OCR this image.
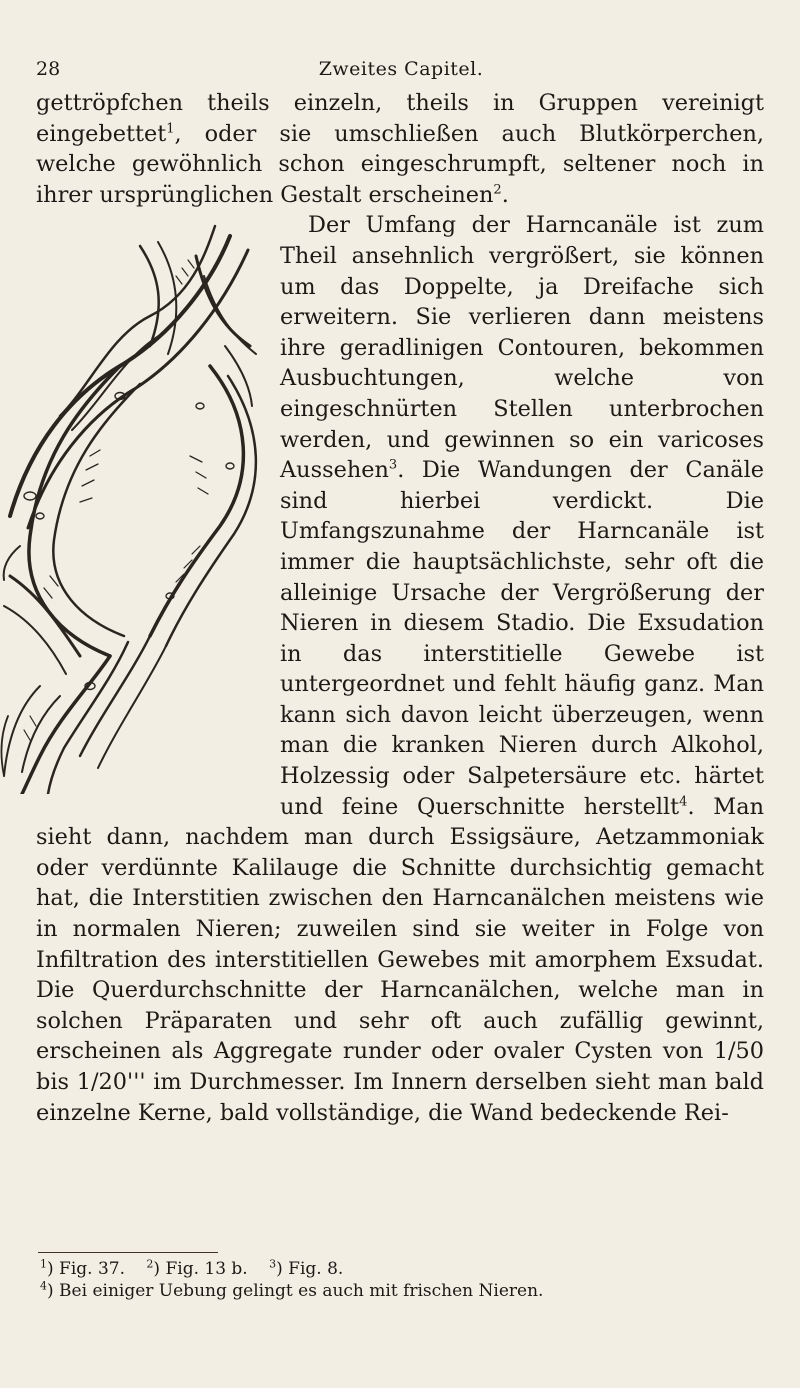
28	Zweites Capitel.

gettröpfchen theils einzeln, theils in Gruppen vereinigt eingebettet$^1$, oder sie umschließen auch Blutkörperchen, welche gewöhnlich schon eingeschrumpft, seltener noch in ihrer ursprünglichen Gestalt erscheinen$^2$.

Der Umfang der Harncanäle ist zum Theil ansehnlich vergrößert, sie können um das Doppelte, ja Dreifache sich erweitern. Sie verlieren dann meistens ihre geradlinigen Contouren, bekommen Ausbuchtungen, welche von eingeschnürten Stellen unterbrochen werden, und gewinnen so ein varicoses Aussehen$^3$. Die Wandungen der Canäle sind hierbei verdickt. Die Umfangszunahme der Harncanäle ist immer die hauptsächlichste, sehr oft die alleinige Ursache der Vergrößerung der Nieren in diesem Stadio. Die Exsudation in das interstitielle Gewebe ist untergeordnet und fehlt häufig ganz. Man kann sich davon leicht überzeugen, wenn man die kranken Nieren durch Alkohol, Holzessig oder Salpetersäure etc. härtet und feine Querschnitte herstellt$^4$. Man sieht dann, nachdem man durch Essigsäure, Aetzammoniak oder verdünnte Kalilauge die Schnitte durchsichtig gemacht hat, die Interstitien zwischen den Harncanälchen meistens wie in normalen Nieren; zuweilen sind sie weiter in Folge von Infiltration des interstitiellen Gewebes mit amorphem Exsudat. Die Querdurchschnitte der Harncanälchen, welche man in solchen Präparaten und sehr oft auch zufällig gewinnt, erscheinen als Aggregate runder oder ovaler Cysten von 1/50 bis 1/20''' im Durchmesser. Im Innern derselben sieht man bald einzelne Kerne, bald vollständige, die Wand bedeckende Rei-

$^1$) Fig. 37. $^2$) Fig. 13 b. $^3$) Fig. 8.
$^4$) Bei einiger Uebung gelingt es auch mit frischen Nieren.
